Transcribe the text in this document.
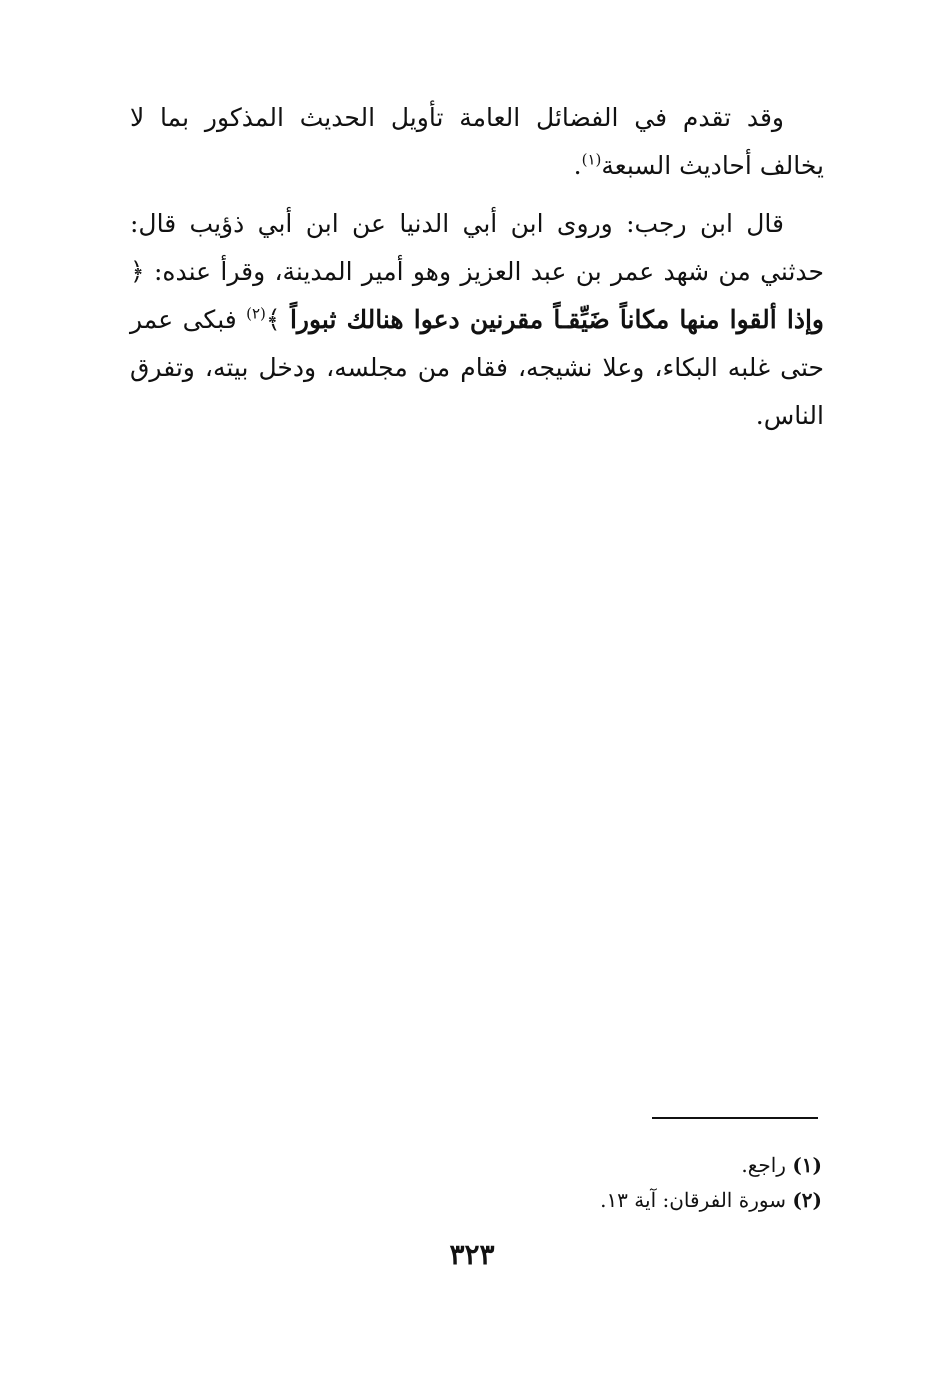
وقد تقدم في الفضائل العامة تأويل الحديث المذكور بما لا يخالف أحاديث السبعة$^{(١)}$.
قال ابن رجب: وروى ابن أبي الدنيا عن ابن أبي ذؤيب قال: حدثني من شهد عمر بن عبد العزيز وهو أمير المدينة، وقرأ عنده: ﴿ وإذا ألقوا منها مكاناً ضَيِّقـاً مقرنين دعوا هنالك ثبوراً ﴾$^{(٢)}$ فبكى عمر حتى غلبه البكاء، وعلا نشيجه، فقام من مجلسه، ودخل بيته، وتفرق الناس.
(١) راجع.
(٢) سورة الفرقان: آية ١٣.
٣٢٣
